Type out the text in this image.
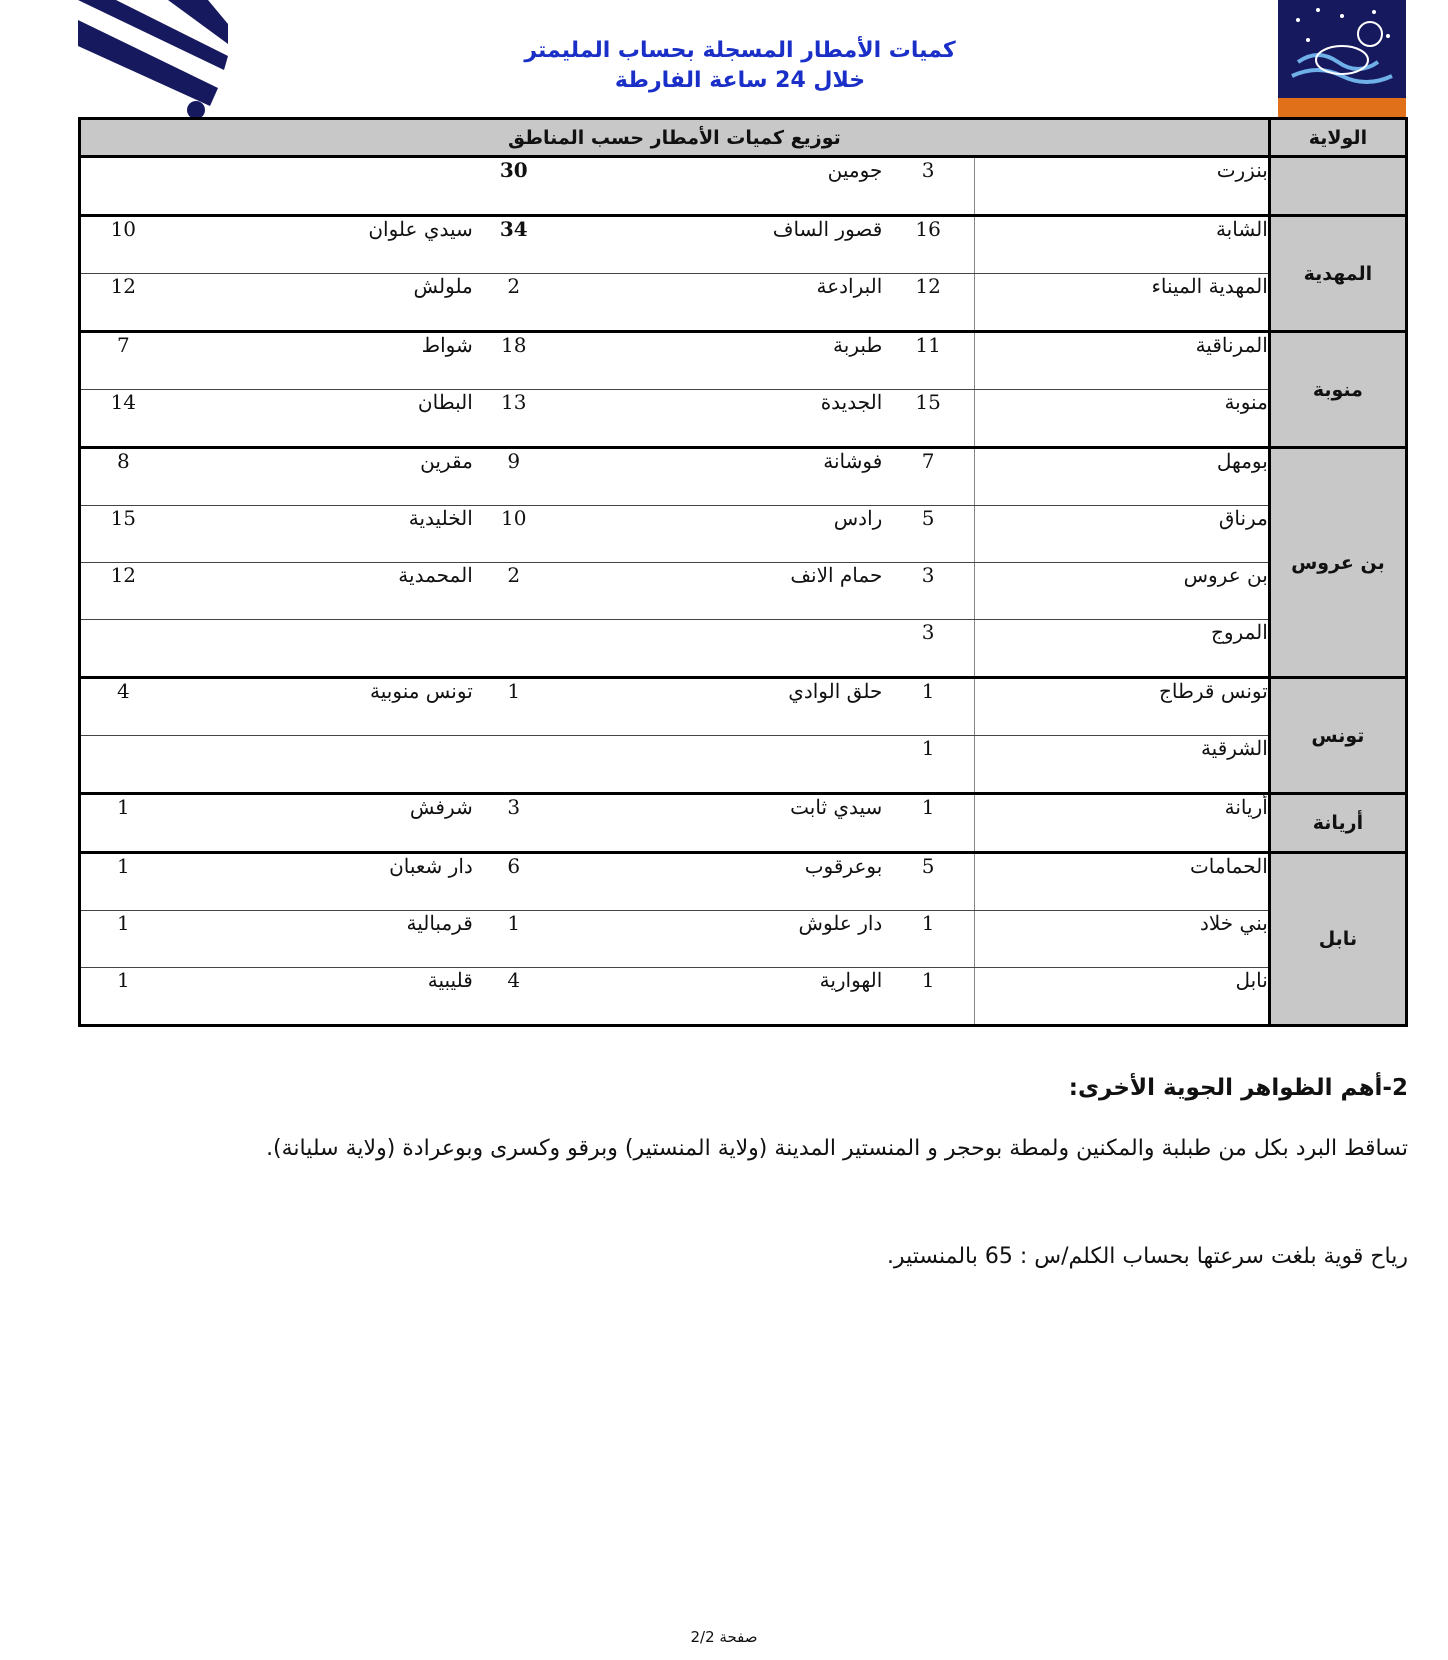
كميات الأمطار المسجلة بحساب المليمتر
خلال 24 ساعة الفارطة
الولاية	توزيع كميات الأمطار حسب المناطق					
	بنزرت	3	جومين	30		
المهدية	الشابة	16	قصور الساف	34	سيدي علوان	10
	المهدية الميناء	12	البرادعة	2	ملولش	12
منوبة	المرناقية	11	طبربة	18	شواط	7
	منوبة	15	الجديدة	13	البطان	14
بن عروس	بومهل	7	فوشانة	9	مقرين	8
	مرناق	5	رادس	10	الخليدية	15
	بن عروس	3	حمام الانف	2	المحمدية	12
	المروج	3				
تونس	تونس قرطاج	1	حلق الوادي	1	تونس منوبية	4
	الشرقية	1				
أريانة	أريانة	1	سيدي ثابت	3	شرفش	1
نابل	الحمامات	5	بوعرقوب	6	دار شعبان	1
	بني خلاد	1	دار علوش	1	قرمبالية	1
	نابل	1	الهوارية	4	قليبية	1
2-أهم الظواهر الجوية الأخرى:
تساقط البرد بكل من طبلبة والمكنين ولمطة بوحجر و المنستير المدينة (ولاية المنستير) وبرقو وكسرى وبوعرادة (ولاية سليانة).
رياح قوية بلغت سرعتها بحساب الكلم/س : 65 بالمنستير.
صفحة 2/2
